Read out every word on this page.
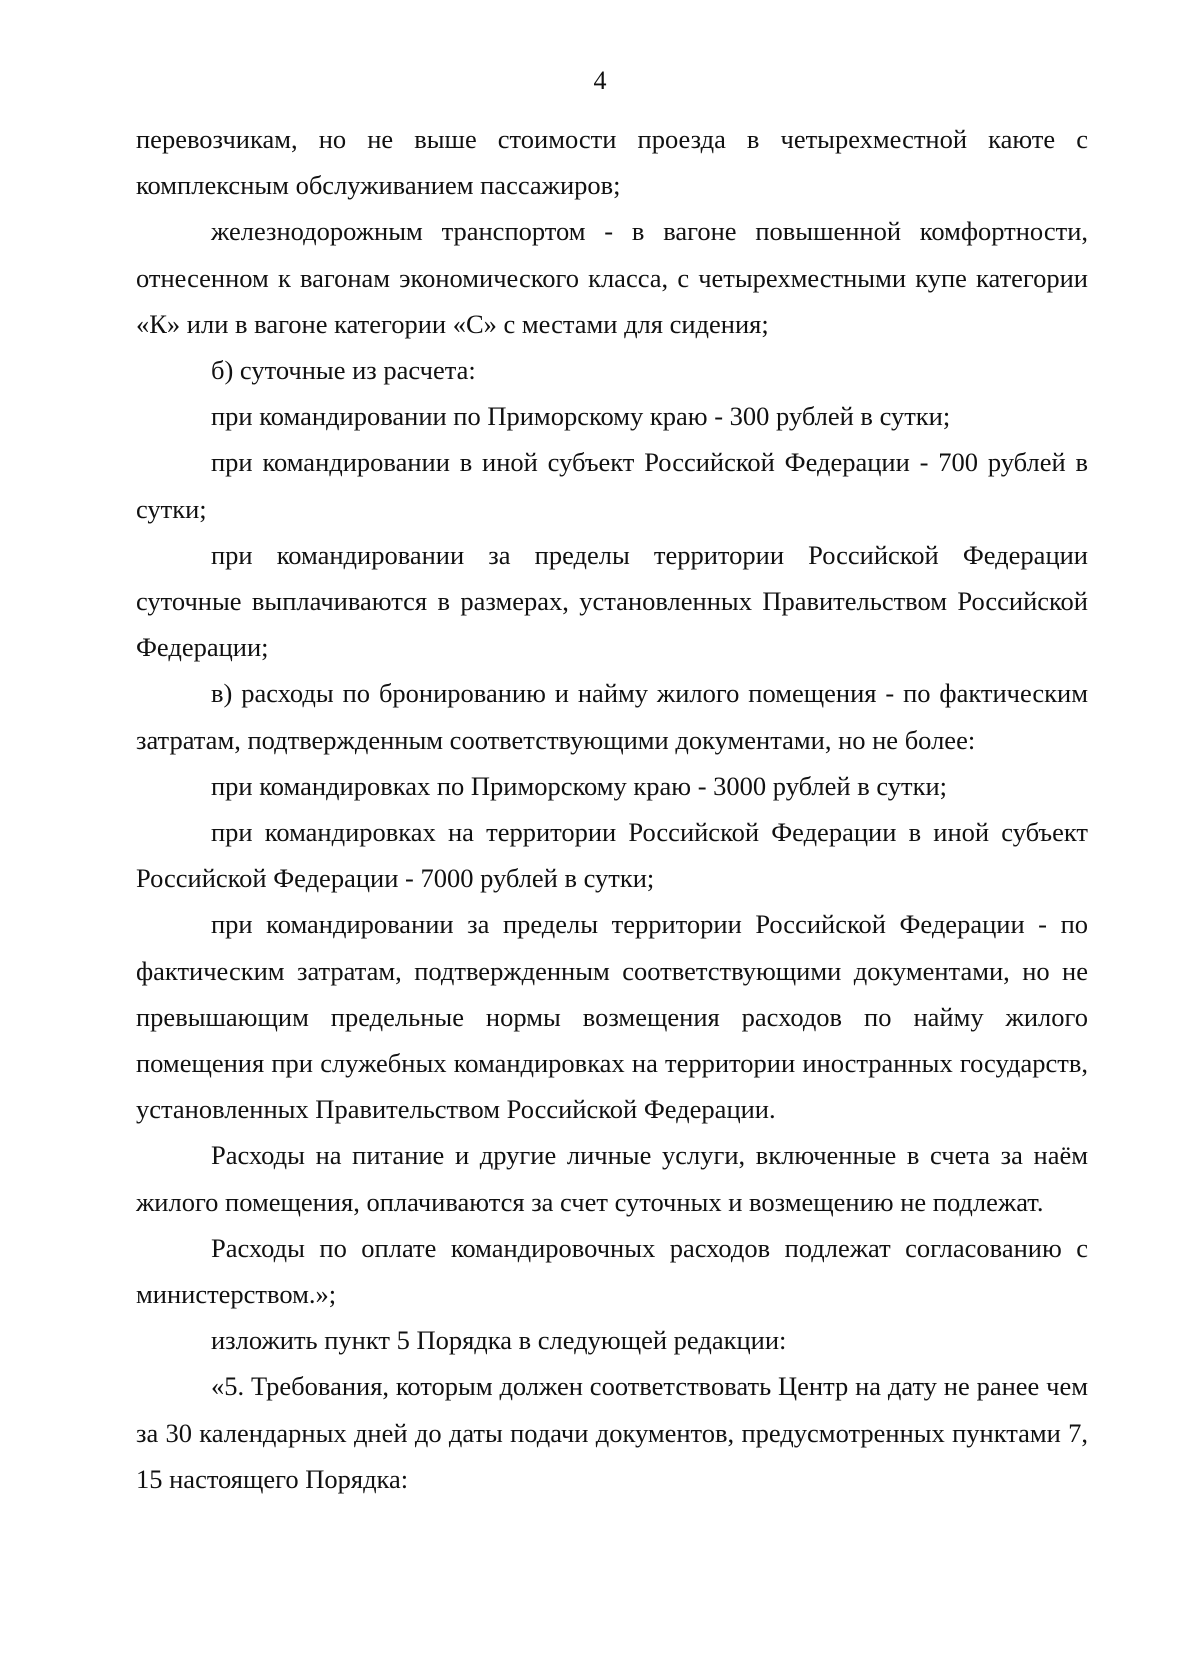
4

перевозчикам, но не выше стоимости проезда в четырехместной каюте с комплексным обслуживанием пассажиров;

железнодорожным транспортом - в вагоне повышенной комфортности, отнесенном к вагонам экономического класса, с четырехместными купе категории «К» или в вагоне категории «С» с местами для сидения;

б) суточные из расчета:

при командировании по Приморскому краю - 300 рублей в сутки;

при командировании в иной субъект Российской Федерации - 700 рублей в сутки;

при командировании за пределы территории Российской Федерации суточные выплачиваются в размерах, установленных Правительством Российской Федерации;

в) расходы по бронированию и найму жилого помещения - по фактическим затратам, подтвержденным соответствующими документами, но не более:

при командировках по Приморскому краю - 3000 рублей в сутки;

при командировках на территории Российской Федерации в иной субъект Российской Федерации - 7000 рублей в сутки;

при командировании за пределы территории Российской Федерации - по фактическим затратам, подтвержденным соответствующими документами, но не превышающим предельные нормы возмещения расходов по найму жилого помещения при служебных командировках на территории иностранных государств, установленных Правительством Российской Федерации.

Расходы на питание и другие личные услуги, включенные в счета за наём жилого помещения, оплачиваются за счет суточных и возмещению не подлежат.

Расходы по оплате командировочных расходов подлежат согласованию с министерством.»;

изложить пункт 5 Порядка в следующей редакции:

«5. Требования, которым должен соответствовать Центр на дату не ранее чем за 30 календарных дней до даты подачи документов, предусмотренных пунктами 7, 15 настоящего Порядка:
